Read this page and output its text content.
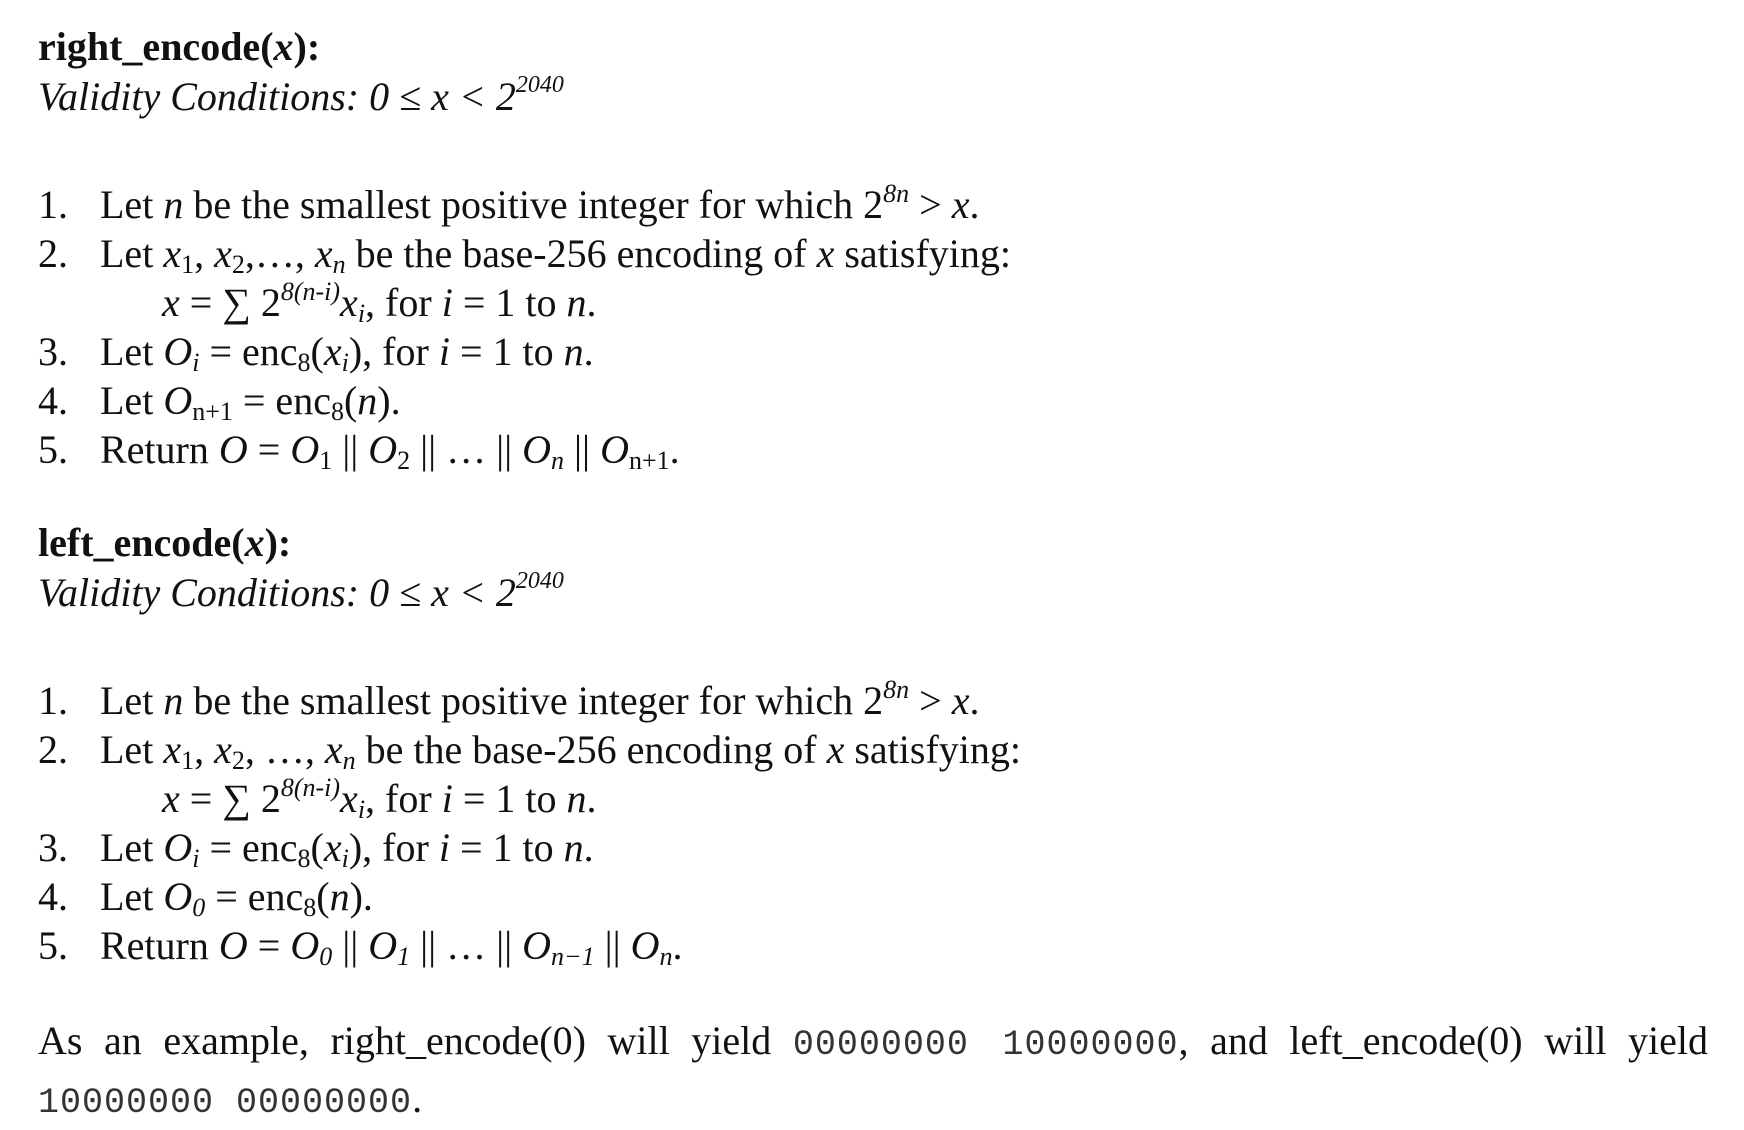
right_encode(x):
Validity Conditions: $0 \le x < 2^{2040}$
1. Let n be the smallest positive integer for which $2^{8n} > x$.
2. Let $x_1$, $x_2,\dots$, $x_n$ be the base-256 encoding of x satisfying:
x = ∑ $2^{8(n-i)}x_i$, for i = 1 to n.
3. Let $O_i = enc_8(x_i)$, for i = 1 to n.
4. Let $O_{n+1} = enc_8(n)$.
5. Return $O = O_1$ || $O_2$ || … || $O_n$ || $O_{n+1}$.
left_encode(x):
Validity Conditions: $0 \le x < 2^{2040}$
1. Let n be the smallest positive integer for which $2^{8n} > x$.
2. Let $x_1$, $x_2$, …, $x_n$ be the base-256 encoding of x satisfying:
x = ∑ $2^{8(n-i)}x_i$, for i = 1 to n.
3. Let $O_i = enc_8(x_i)$, for i = 1 to n.
4. Let $O_0 = enc_8(n)$.
5. Return $O = O_0$ || $O_1$ || … || $O_{n-1}$ || $O_n$.
As an example, right_encode(0) will yield 00000000 10000000, and left_encode(0) will yield 10000000 00000000.
